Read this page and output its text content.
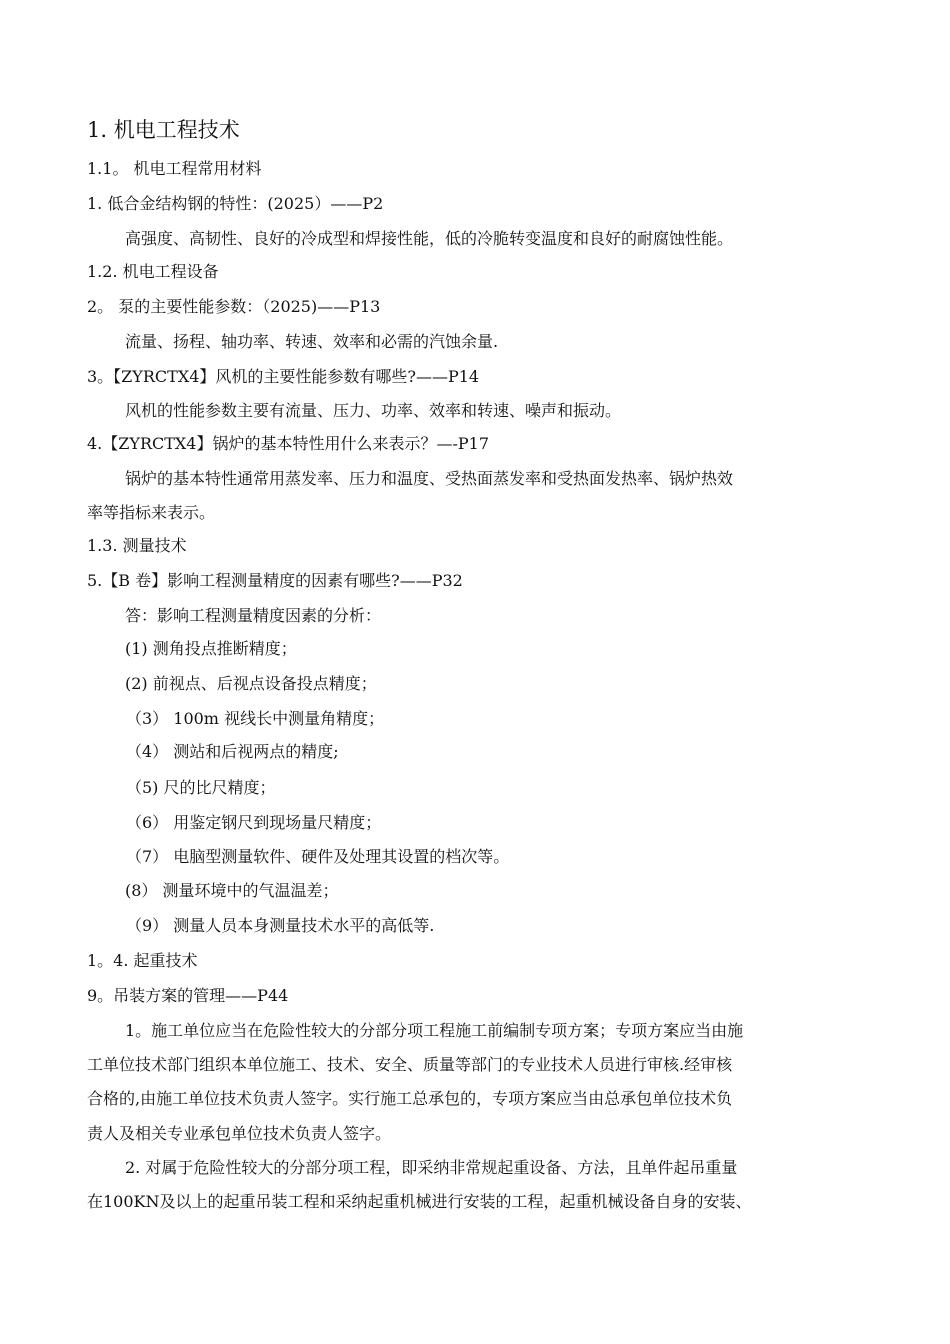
1. 机电工程技术
1.1。 机电工程常用材料
1. 低合金结构钢的特性：(2025）——P2
高强度、高韧性、良好的冷成型和焊接性能，低的冷脆转变温度和良好的耐腐蚀性能。
1.2. 机电工程设备
2。 泵的主要性能参数：（2025)——P13
流量、扬程、轴功率、转速、效率和必需的汽蚀余量.
3。【ZYRCTX4】风机的主要性能参数有哪些?——P14
风机的性能参数主要有流量、压力、功率、效率和转速、噪声和振动。
4.【ZYRCTX4】锅炉的基本特性用什么来表示？—-P17
锅炉的基本特性通常用蒸发率、压力和温度、受热面蒸发率和受热面发热率、锅炉热效
率等指标来表示。
1.3. 测量技术
5.【B 卷】影响工程测量精度的因素有哪些?——P32
答：影响工程测量精度因素的分析：
(1) 测角投点推断精度；
(2) 前视点、后视点设备投点精度；
（3） 100m 视线长中测量角精度；
（4） 测站和后视两点的精度;
（5) 尺的比尺精度；
（6） 用鉴定钢尺到现场量尺精度；
（7） 电脑型测量软件、硬件及处理其设置的档次等。
(8） 测量环境中的气温温差；
（9） 测量人员本身测量技术水平的高低等.
1。4. 起重技术
9。吊装方案的管理——P44
1。施工单位应当在危险性较大的分部分项工程施工前编制专项方案；专项方案应当由施
工单位技术部门组织本单位施工、技术、安全、质量等部门的专业技术人员进行审核.经审核
合格的,由施工单位技术负责人签字。实行施工总承包的，专项方案应当由总承包单位技术负
责人及相关专业承包单位技术负责人签字。
2. 对属于危险性较大的分部分项工程，即采纳非常规起重设备、方法，且单件起吊重量
在100KN及以上的起重吊装工程和采纳起重机械进行安装的工程，起重机械设备自身的安装、
